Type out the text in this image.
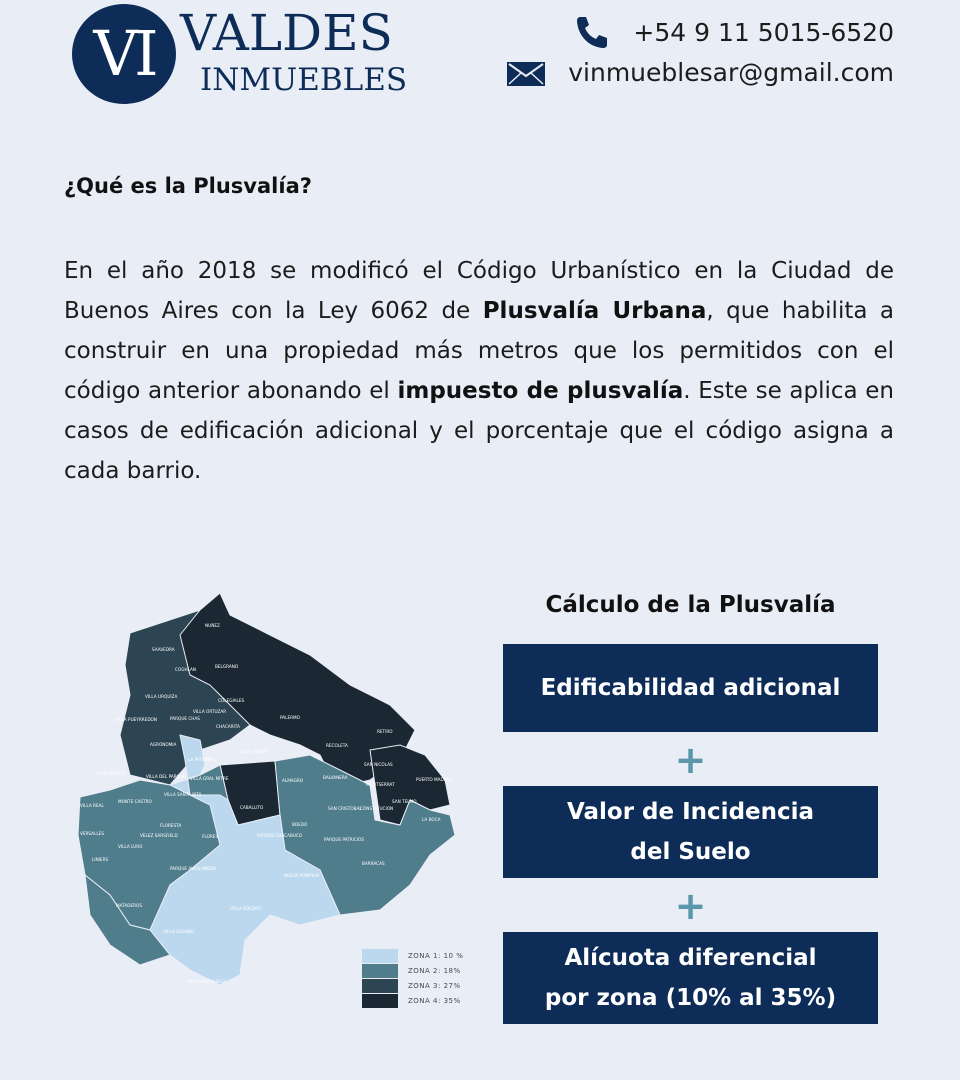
VI VALDES
INMUEBLES
+54 9 11 5015-6520
vinmueblesar@gmail.com
¿Qué es la Plusvalía?
En el año 2018 se modificó el Código Urbanístico en la Ciudad de Buenos Aires con la Ley 6062 de Plusvalía Urbana, que habilita a construir en una propiedad más metros que los permitidos con el código anterior abonando el impuesto de plusvalía. Este se aplica en casos de edificación adicional y el porcentaje que el código asigna a cada barrio.
NUÑEZ
SAAVEDRA
COGHLAN
BELGRANO
VILLA URQUIZA
VILLA PUEYRREDON	PARQUE CHAS
VILLA ORTUZAR
COLEGIALES
CHACARITA
AGRONOMIA
PALERMO
VILLA CRESPO
LA PATERNAL
RECOLETA
RETIRO
VILLA DEVOTO
VILLA DEL PARQUE
VILLA SANTA RITA
VILLA GRAL MITRE	ALMAGRO
BALVANERA
SAN NICOLAS
PUERTO MADERO
MONTSERRAT
SAN TELMO
CABALLITO
VILLA REAL
MONTE CASTRO
FLORESTA
VERSALLES
VILLA LURO
VELEZ SARSFIELD	FLORES	PARQUE CHACABUCO
BOEDO
SAN CRISTOBAL
CONSTI-TUCION
LA BOCA
PARQUE PATRICIOS
LINIERS
PARQUE AVELLANEDA
NUEVA POMPEYA
BARRACAS
MATADEROS
VILLA SOLDATI
VILLA LUGANO
VILLA RIACHUELO
ZONA 1: 10 %
ZONA 2: 18%
ZONA 3: 27%
ZONA 4: 35%
Cálculo de la Plusvalía
Edificabilidad adicional
+
Valor de Incidencia
del Suelo
+
Alícuota diferencial
por zona (10% al 35%)
